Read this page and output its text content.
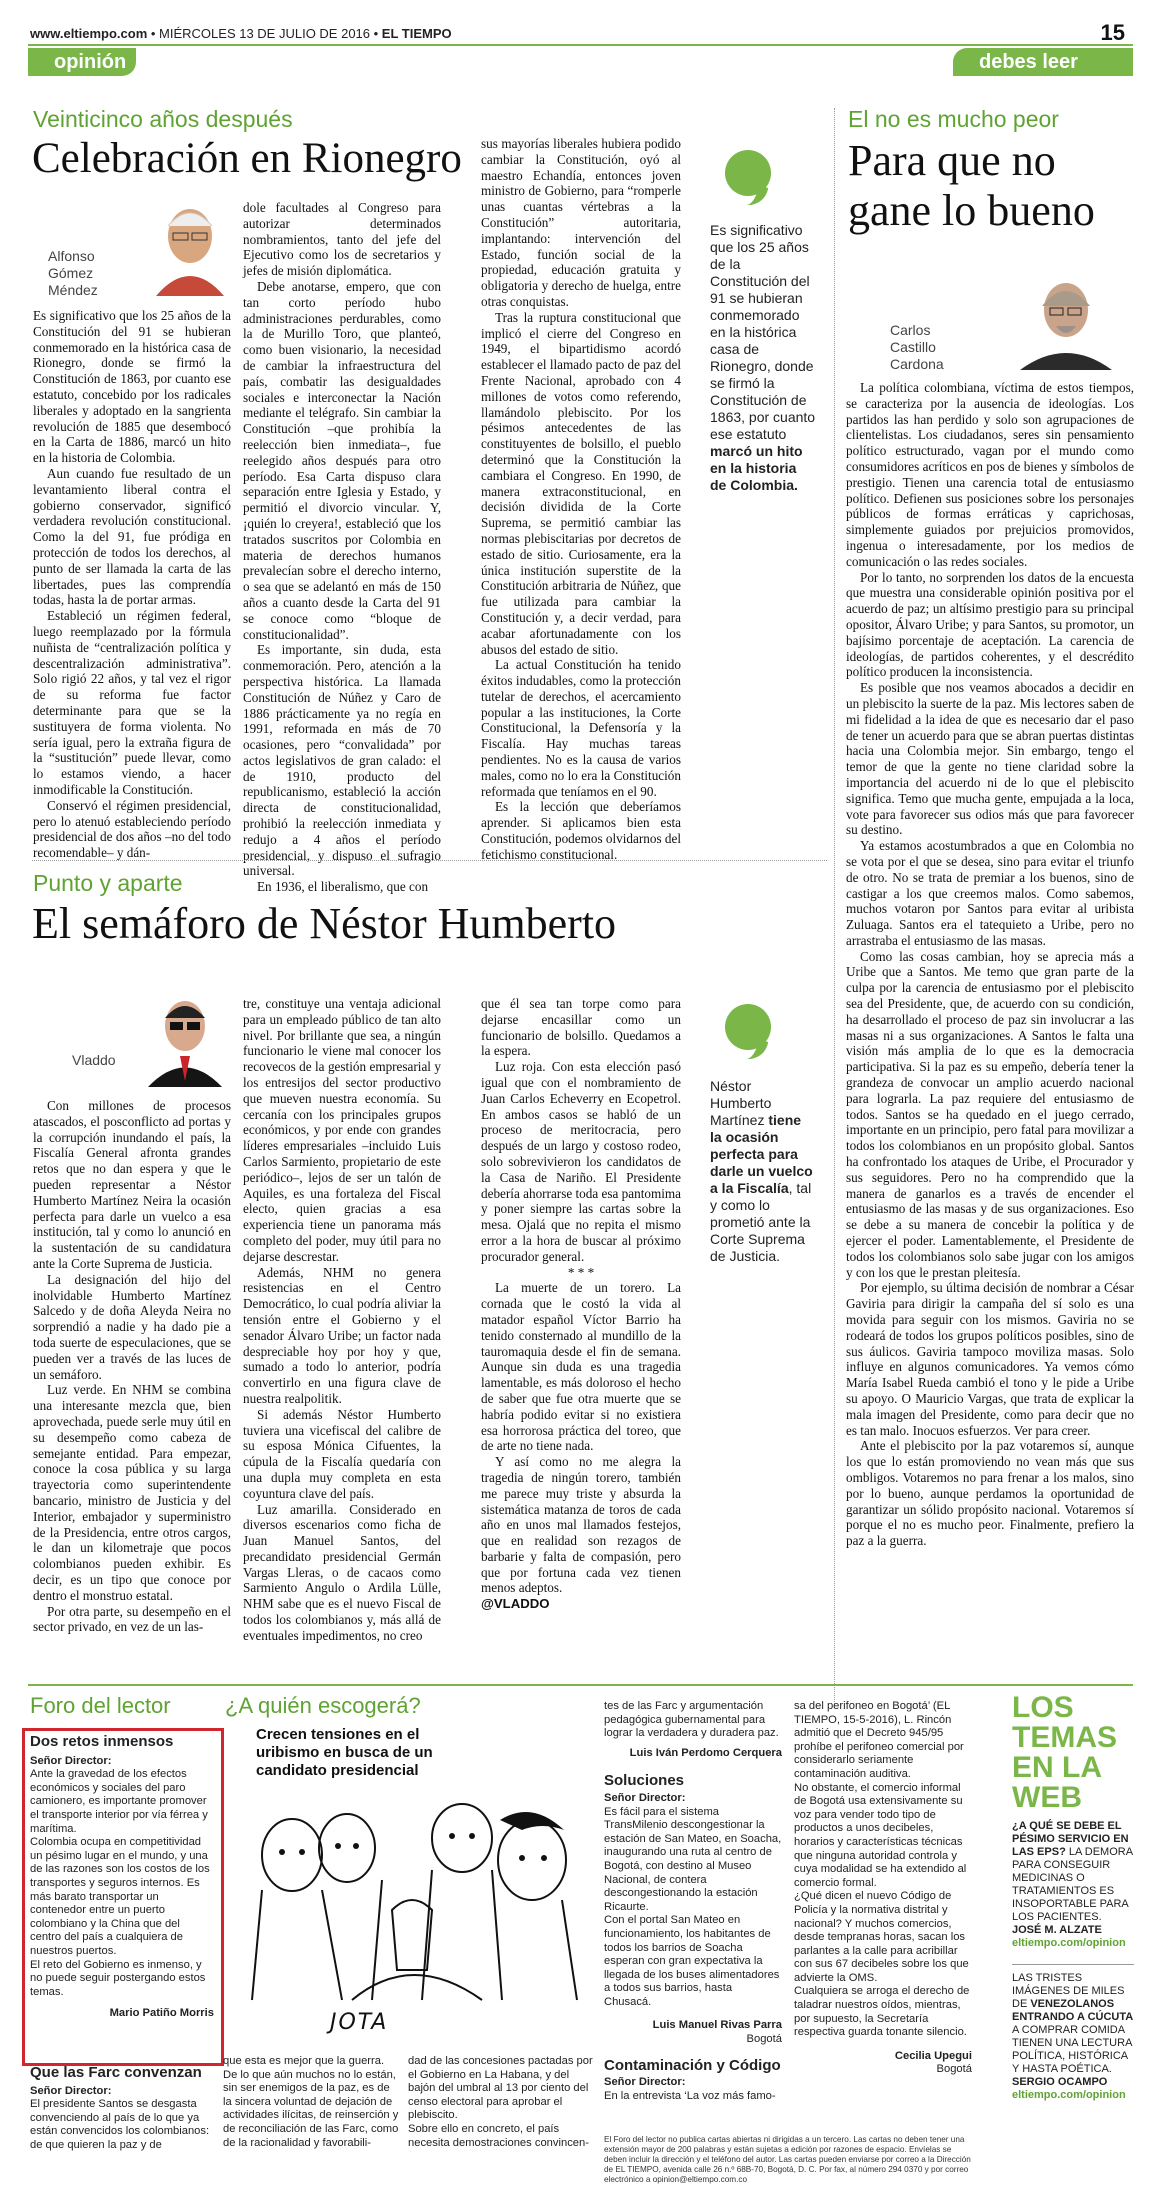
www.eltiempo.com • MIÉRCOLES 13 DE JULIO DE 2016 • EL TIEMPO	15
opinión	debes leer
Veinticinco años después
Celebración en Rionegro
Alfonso
Gómez
Méndez

Es significativo que los 25 años de la Constitución del 91 se hubieran conmemorado en la histórica casa de Rionegro, donde se firmó la Constitución de 1863, por cuanto ese estatuto, concebido por los radicales liberales y adoptado en la sangrienta revolución de 1885 que desembocó en la Carta de 1886, marcó un hito en la historia de Colombia.

Aun cuando fue resultado de un levantamiento liberal contra el gobierno conservador, significó verdadera revolución constitucional. Como la del 91, fue pródiga en protección de todos los derechos, al punto de ser llamada la carta de las libertades, pues las comprendía todas, hasta la de portar armas.

Estableció un régimen federal, luego reemplazado por la fórmula nuñista de “centralización política y descentralización administrativa”. Solo rigió 22 años, y tal vez el rigor de su reforma fue factor determinante para que se la sustituyera de forma violenta. No sería igual, pero la extraña figura de la “sustitución” puede llevar, como lo estamos viendo, a hacer inmodificable la Constitución.

Conservó el régimen presidencial, pero lo atenuó estableciendo período presidencial de dos años –no del todo recomendable– y dán-

dole facultades al Congreso para autorizar determinados nombramientos, tanto del jefe del Ejecutivo como los de secretarios y jefes de misión diplomática.

Debe anotarse, empero, que con tan corto período hubo administraciones perdurables, como la de Murillo Toro, que planteó, como buen visionario, la necesidad de cambiar la infraestructura del país, combatir las desigualdades sociales e interconectar la Nación mediante el telégrafo. Sin cambiar la Constitución –que prohibía la reelección bien inmediata–, fue reelegido años después para otro período. Esa Carta dispuso clara separación entre Iglesia y Estado, y permitió el divorcio vincular. Y, ¡quién lo creyera!, estableció que los tratados suscritos por Colombia en materia de derechos humanos prevalecían sobre el derecho interno, o sea que se adelantó en más de 150 años a cuanto desde la Carta del 91 se conoce como “bloque de constitucionalidad”.

Es importante, sin duda, esta conmemoración. Pero, atención a la perspectiva histórica. La llamada Constitución de Núñez y Caro de 1886 prácticamente ya no regía en 1991, reformada en más de 70 ocasiones, pero “convalidada” por actos legislativos de gran calado: el de 1910, producto del republicanismo, estableció la acción directa de constitucionalidad, prohibió la reelección inmediata y redujo a 4 años el período presidencial, y dispuso el sufragio universal.

En 1936, el liberalismo, que con

sus mayorías liberales hubiera podido cambiar la Constitución, oyó al maestro Echandía, entonces joven ministro de Gobierno, para “romperle unas cuantas vértebras a la Constitución” autoritaria, implantando: intervención del Estado, función social de la propiedad, educación gratuita y obligatoria y derecho de huelga, entre otras conquistas.

Tras la ruptura constitucional que implicó el cierre del Congreso en 1949, el bipartidismo acordó establecer el llamado pacto de paz del Frente Nacional, aprobado con 4 millones de votos como referendo, llamándolo plebiscito. Por los pésimos antecedentes de las constituyentes de bolsillo, el pueblo determinó que la Constitución la cambiara el Congreso. En 1990, de manera extraconstitucional, en decisión dividida de la Corte Suprema, se permitió cambiar las normas plebiscitarias por decretos de estado de sitio. Curiosamente, era la única institución superstite de la Constitución arbitraria de Núñez, que fue utilizada para cambiar la Constitución y, a decir verdad, para acabar afortunadamente con los abusos del estado de sitio.

La actual Constitución ha tenido éxitos indudables, como la protección tutelar de derechos, el acercamiento popular a las instituciones, la Corte Constitucional, la Defensoría y la Fiscalía. Hay muchas tareas pendientes. No es la causa de varios males, como no lo era la Constitución reformada que teníamos en el 90.

Es la lección que deberíamos aprender. Si aplicamos bien esta Constitución, podemos olvidarnos del fetichismo constitucional.

Es significativo que los 25 años de la Constitución del 91 se hubieran conmemorado en la histórica casa de Rionegro, donde se firmó la Constitución de 1863, por cuanto ese estatuto marcó un hito en la historia de Colombia.
El no es mucho peor
Para que no
gane lo bueno
Carlos
Castillo
Cardona

La política colombiana, víctima de estos tiempos, se caracteriza por la ausencia de ideologías. Los partidos las han perdido y solo son agrupaciones de clientelistas. Los ciudadanos, seres sin pensamiento político estructurado, vagan por el mundo como consumidores acríticos en pos de bienes y símbolos de prestigio. Tienen una carencia total de entusiasmo político. Defienen sus posiciones sobre los personajes públicos de formas erráticas y caprichosas, simplemente guiados por prejuicios promovidos, ingenua o interesadamente, por los medios de comunicación o las redes sociales.

Por lo tanto, no sorprenden los datos de la encuesta que muestra una considerable opinión positiva por el acuerdo de paz; un altísimo prestigio para su principal opositor, Álvaro Uribe; y para Santos, su promotor, un bajísimo porcentaje de aceptación. La carencia de ideologías, de partidos coherentes, y el descrédito político producen la inconsistencia.

Es posible que nos veamos abocados a decidir en un plebiscito la suerte de la paz. Mis lectores saben de mi fidelidad a la idea de que es necesario dar el paso de tener un acuerdo para que se abran puertas distintas hacia una Colombia mejor. Sin embargo, tengo el temor de que la gente no tiene claridad sobre la importancia del acuerdo ni de lo que el plebiscito significa. Temo que mucha gente, empujada a la loca, vote para favorecer sus odios más que para favorecer su destino.

Ya estamos acostumbrados a que en Colombia no se vota por el que se desea, sino para evitar el triunfo de otro. No se trata de premiar a los buenos, sino de castigar a los que creemos malos. Como sabemos, muchos votaron por Santos para evitar al uribista Zuluaga. Santos era el tatequieto a Uribe, pero no arrastraba el entusiasmo de las masas.

Como las cosas cambian, hoy se aprecia más a Uribe que a Santos. Me temo que gran parte de la culpa por la carencia de entusiasmo por el plebiscito sea del Presidente, que, de acuerdo con su condición, ha desarrollado el proceso de paz sin involucrar a las masas ni a sus organizaciones. A Santos le falta una visión más amplia de lo que es la democracia participativa. Si la paz es su empeño, debería tener la grandeza de convocar un amplio acuerdo nacional para lograrla. La paz requiere del entusiasmo de todos. Santos se ha quedado en el juego cerrado, importante en un principio, pero fatal para movilizar a todos los colombianos en un propósito global. Santos ha confrontado los ataques de Uribe, el Procurador y sus seguidores. Pero no ha comprendido que la manera de ganarlos es a través de encender el entusiasmo de las masas y de sus organizaciones. Eso se debe a su manera de concebir la política y de ejercer el poder. Lamentablemente, el Presidente de todos los colombianos solo sabe jugar con los amigos y con los que le prestan pleitesía.

Por ejemplo, su última decisión de nombrar a César Gaviria para dirigir la campaña del sí solo es una movida para seguir con los mismos. Gaviria no se rodeará de todos los grupos políticos posibles, sino de sus áulicos. Gaviria tampoco moviliza masas. Solo influye en algunos comunicadores. Ya vemos cómo María Isabel Rueda cambió el tono y le pide a Uribe su apoyo. O Mauricio Vargas, que trata de explicar la mala imagen del Presidente, como para decir que no es tan malo. Inocuos esfuerzos. Ver para creer.

Ante el plebiscito por la paz votaremos sí, aunque los que lo están promoviendo no vean más que sus ombligos. Votaremos no para frenar a los malos, sino por lo bueno, aunque perdamos la oportunidad de garantizar un sólido propósito nacional. Votaremos sí porque el no es mucho peor. Finalmente, prefiero la paz a la guerra.

Punto y aparte
El semáforo de Néstor Humberto
Vladdo

Con millones de procesos atascados, el posconflicto ad portas y la corrupción inundando el país, la Fiscalía General afronta grandes retos que no dan espera y que le pueden representar a Néstor Humberto Martínez Neira la ocasión perfecta para darle un vuelco a esa institución, tal y como lo anunció en la sustentación de su candidatura ante la Corte Suprema de Justicia.

La designación del hijo del inolvidable Humberto Martínez Salcedo y de doña Aleyda Neira no sorprendió a nadie y ha dado pie a toda suerte de especulaciones, que se pueden ver a través de las luces de un semáforo.

Luz verde. En NHM se combina una interesante mezcla que, bien aprovechada, puede serle muy útil en su desempeño como cabeza de semejante entidad. Para empezar, conoce la cosa pública y su larga trayectoria como superintendente bancario, ministro de Justicia y del Interior, embajador y superministro de la Presidencia, entre otros cargos, le dan un kilometraje que pocos colombianos pueden exhibir. Es decir, es un tipo que conoce por dentro el monstruo estatal.

Por otra parte, su desempeño en el sector privado, en vez de un las-

tre, constituye una ventaja adicional para un empleado público de tan alto nivel. Por brillante que sea, a ningún funcionario le viene mal conocer los recovecos de la gestión empresarial y los entresijos del sector productivo que mueven nuestra economía. Su cercanía con los principales grupos económicos, y por ende con grandes líderes empresariales –incluido Luis Carlos Sarmiento, propietario de este periódico–, lejos de ser un talón de Aquiles, es una fortaleza del Fiscal electo, quien gracias a esa experiencia tiene un panorama más completo del poder, muy útil para no dejarse descrestar.

Además, NHM no genera resistencias en el Centro Democrático, lo cual podría aliviar la tensión entre el Gobierno y el senador Álvaro Uribe; un factor nada despreciable hoy por hoy y que, sumado a todo lo anterior, podría convertirlo en una figura clave de nuestra realpolitik.

Si además Néstor Humberto tuviera una vicefiscal del calibre de su esposa Mónica Cifuentes, la cúpula de la Fiscalía quedaría con una dupla muy completa en esta coyuntura clave del país.

Luz amarilla. Considerado en diversos escenarios como ficha de Juan Manuel Santos, del precandidato presidencial Germán Vargas Lleras, o de cacaos como Sarmiento Angulo o Ardila Lülle, NHM sabe que es el nuevo Fiscal de todos los colombianos y, más allá de eventuales impedimentos, no creo

que él sea tan torpe como para dejarse encasillar como un funcionario de bolsillo. Quedamos a la espera.

Luz roja. Con esta elección pasó igual que con el nombramiento de Juan Carlos Echeverry en Ecopetrol. En ambos casos se habló de un proceso de meritocracia, pero después de un largo y costoso rodeo, solo sobrevivieron los candidatos de la Casa de Nariño. El Presidente debería ahorrarse toda esa pantomima y poner siempre las cartas sobre la mesa. Ojalá que no repita el mismo error a la hora de buscar al próximo procurador general.

* * *

La muerte de un torero. La cornada que le costó la vida al matador español Víctor Barrio ha tenido consternado al mundillo de la tauromaquia desde el fin de semana. Aunque sin duda es una tragedia lamentable, es más doloroso el hecho de saber que fue otra muerte que se habría podido evitar si no existiera esa horrorosa práctica del toreo, que de arte no tiene nada.

Y así como no me alegra la tragedia de ningún torero, también me parece muy triste y absurda la sistemática matanza de toros de cada año en unos mal llamados festejos, que en realidad son rezagos de barbarie y falta de compasión, pero que por fortuna cada vez tienen menos adeptos.

@VLADDO

Néstor Humberto Martínez tiene la ocasión perfecta para darle un vuelco a la Fiscalía, tal y como lo prometió ante la Corte Suprema de Justicia.
Foro del lector
Dos retos inmensos

Señor Director:

Ante la gravedad de los efectos económicos y sociales del paro camionero, es importante promover el transporte interior por vía férrea y marítima.

Colombia ocupa en competitividad un pésimo lugar en el mundo, y una de las razones son los costos de los transportes y seguros internos. Es más barato transportar un contenedor entre un puerto colombiano y la China que del centro del país a cualquiera de nuestros puertos.

El reto del Gobierno es inmenso, y no puede seguir postergando estos temas.

Mario Patiño Morris

Que las Farc convenzan

Señor Director:

El presidente Santos se desgasta convenciendo al país de lo que ya están convencidos los colombianos: de que quieren la paz y de

¿A quién escogerá?
Crecen tensiones en el uribismo en busca de un candidato presidencial
JOTA

que esta es mejor que la guerra. De lo que aún muchos no lo están, sin ser enemigos de la paz, es de la sincera voluntad de dejación de actividades ilícitas, de reinserción y de reconciliación de las Farc, como de la racionalidad y favorabili-

dad de las concesiones pactadas por el Gobierno en La Habana, y del bajón del umbral al 13 por ciento del censo electoral para aprobar el plebiscito.

Sobre ello en concreto, el país necesita demostraciones convincen-

tes de las Farc y argumentación pedagógica gubernamental para lograr la verdadera y duradera paz.

Luis Iván Perdomo Cerquera

Soluciones

Señor Director:

Es fácil para el sistema TransMilenio descongestionar la estación de San Mateo, en Soacha, inaugurando una ruta al centro de Bogotá, con destino al Museo Nacional, de contera descongestionando la estación Ricaurte.

Con el portal San Mateo en funcionamiento, los habitantes de todos los barrios de Soacha esperan con gran expectativa la llegada de los buses alimentadores a todos sus barrios, hasta Chusacá.

Luis Manuel Rivas Parra

Bogotá

Contaminación y Código

Señor Director:

En la entrevista ‘La voz más famo-

sa del perifoneo en Bogotá’ (EL TIEMPO, 15-5-2016), L. Rincón admitió que el Decreto 945/95 prohíbe el perifoneo comercial por considerarlo seriamente contaminación auditiva.

No obstante, el comercio informal de Bogotá usa extensivamente su voz para vender todo tipo de productos a unos decibeles, horarios y características técnicas que ninguna autoridad controla y cuya modalidad se ha extendido al comercio formal.

¿Qué dicen el nuevo Código de Policía y la normativa distrital y nacional? Y muchos comercios, desde tempranas horas, sacan los parlantes a la calle para acribillar con sus 67 decibeles sobre los que advierte la OMS.

Cualquiera se arroga el derecho de taladrar nuestros oídos, mientras, por supuesto, la Secretaría respectiva guarda tonante silencio.

Cecilia Upegui

Bogotá

El Foro del lector no publica cartas abiertas ni dirigidas a un tercero. Las cartas no deben tener una extensión mayor de 200 palabras y están sujetas a edición por razones de espacio. Envíelas se deben incluir la dirección y el teléfono del autor. Las cartas pueden enviarse por correo a la Dirección de EL TIEMPO, avenida calle 26 n.º 68B-70, Bogotá, D. C. Por fax, al número 294 0370 y por correo electrónico a opinion@eltiempo.com.co
LOS
TEMAS
EN LA
WEB
¿A QUÉ SE DEBE EL PÉSIMO SERVICIO EN LAS EPS? LA DEMORA PARA CONSEGUIR MEDICINAS O TRATAMIENTOS ES INSOPORTABLE PARA LOS PACIENTES.
JOSÉ M. ALZATE
eltiempo.com/opinion
LAS TRISTES IMÁGENES DE MILES DE VENEZOLANOS ENTRANDO A CÚCUTA A COMPRAR COMIDA TIENEN UNA LECTURA POLÍTICA, HISTÓRICA Y HASTA POÉTICA.
SERGIO OCAMPO
eltiempo.com/opinion
